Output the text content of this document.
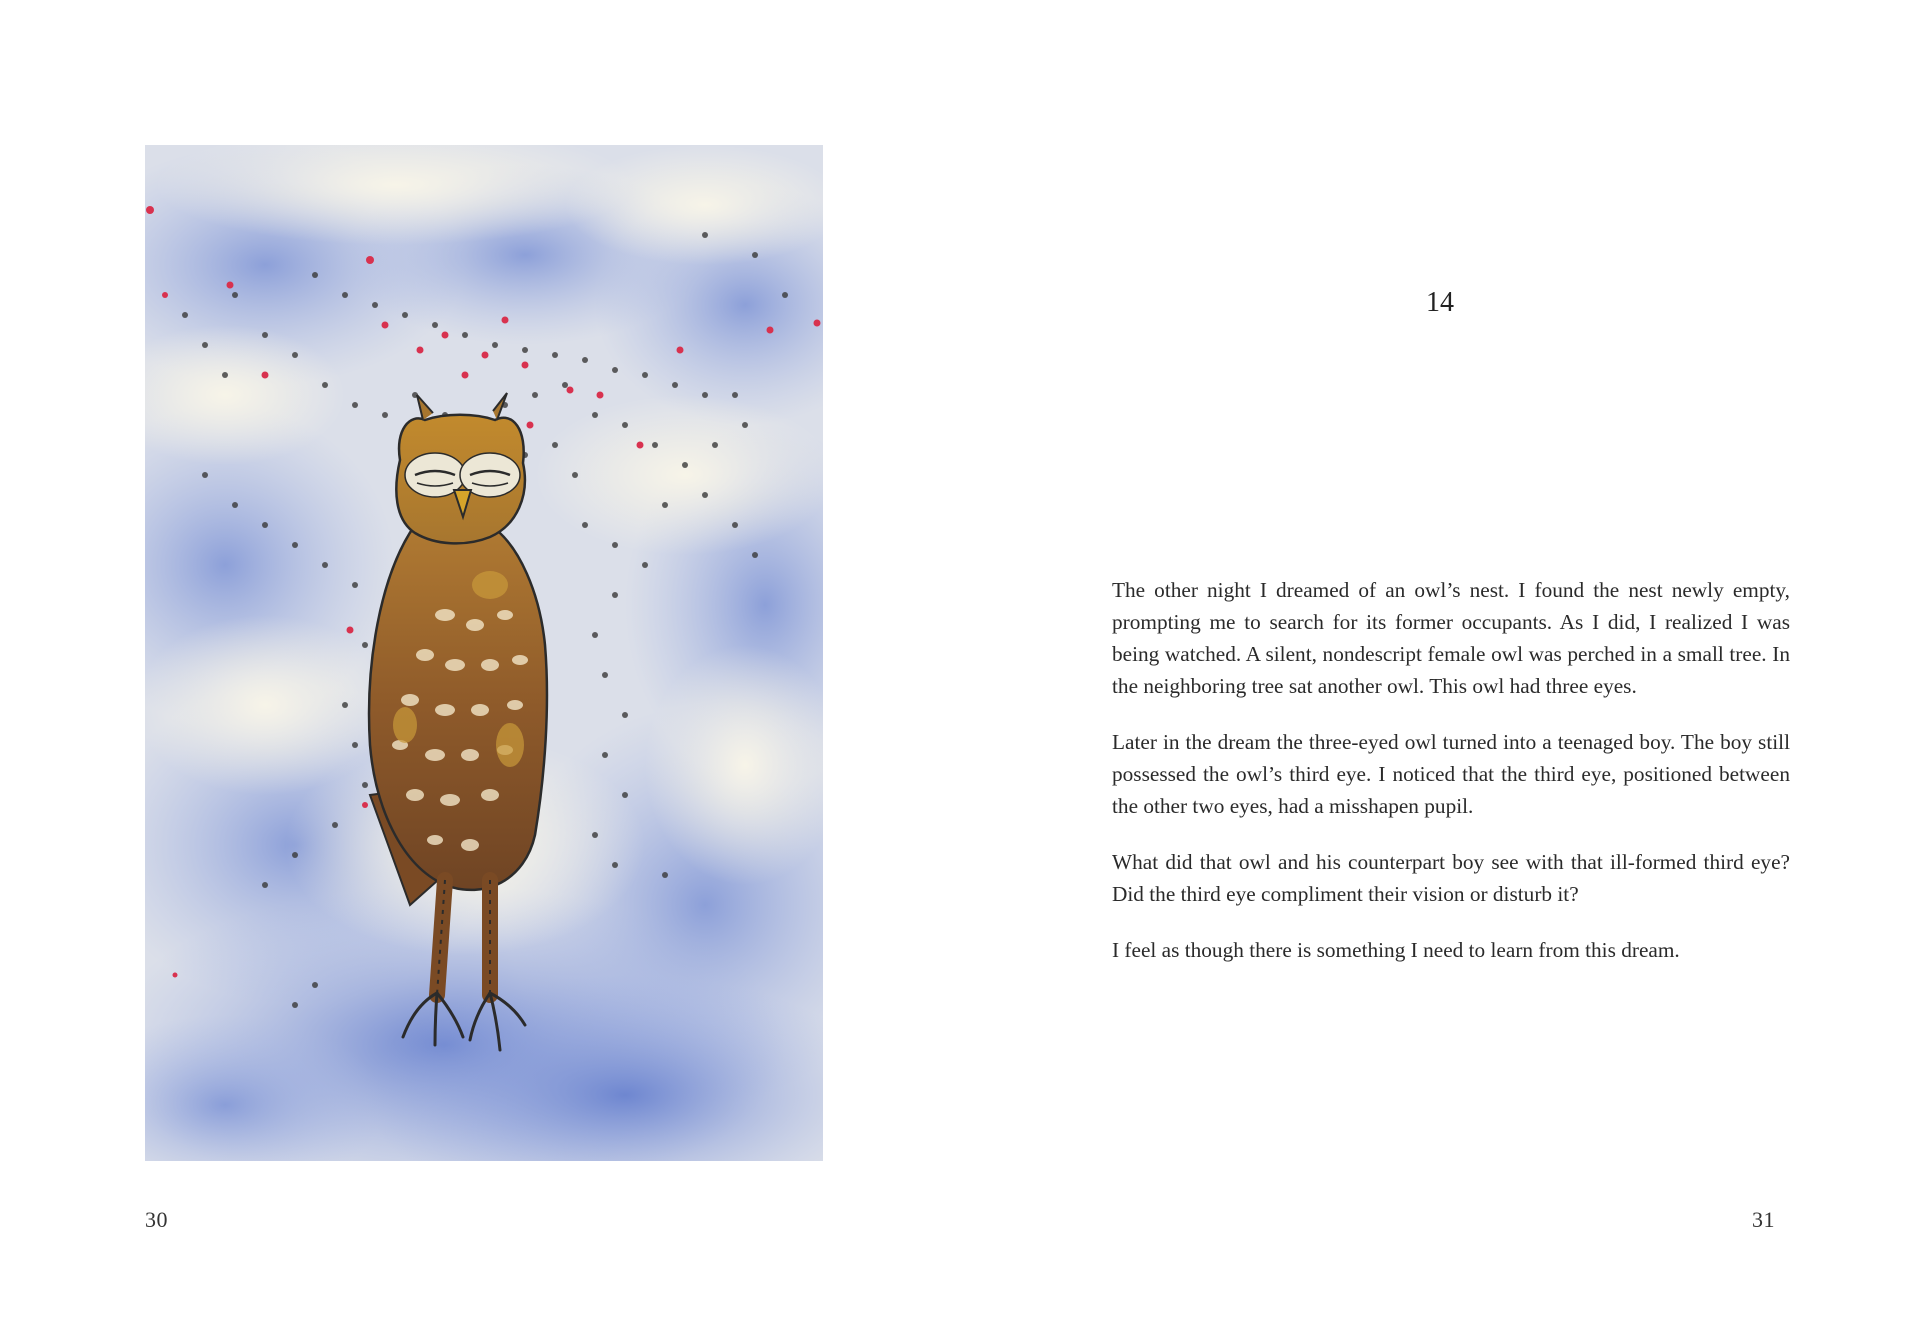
30
14

The other night I dreamed of an owl’s nest. I found the nest newly empty, prompting me to search for its former occupants. As I did, I realized I was being watched. A silent, nondescript female owl was perched in a small tree. In the neighboring tree sat another owl. This owl had three eyes.

Later in the dream the three-eyed owl turned into a teenaged boy. The boy still possessed the owl’s third eye. I noticed that the third eye, positioned between the other two eyes, had a misshapen pupil.

What did that owl and his counterpart boy see with that ill-formed third eye? Did the third eye compliment their vision or disturb it?

I feel as though there is something I need to learn from this dream.

31
